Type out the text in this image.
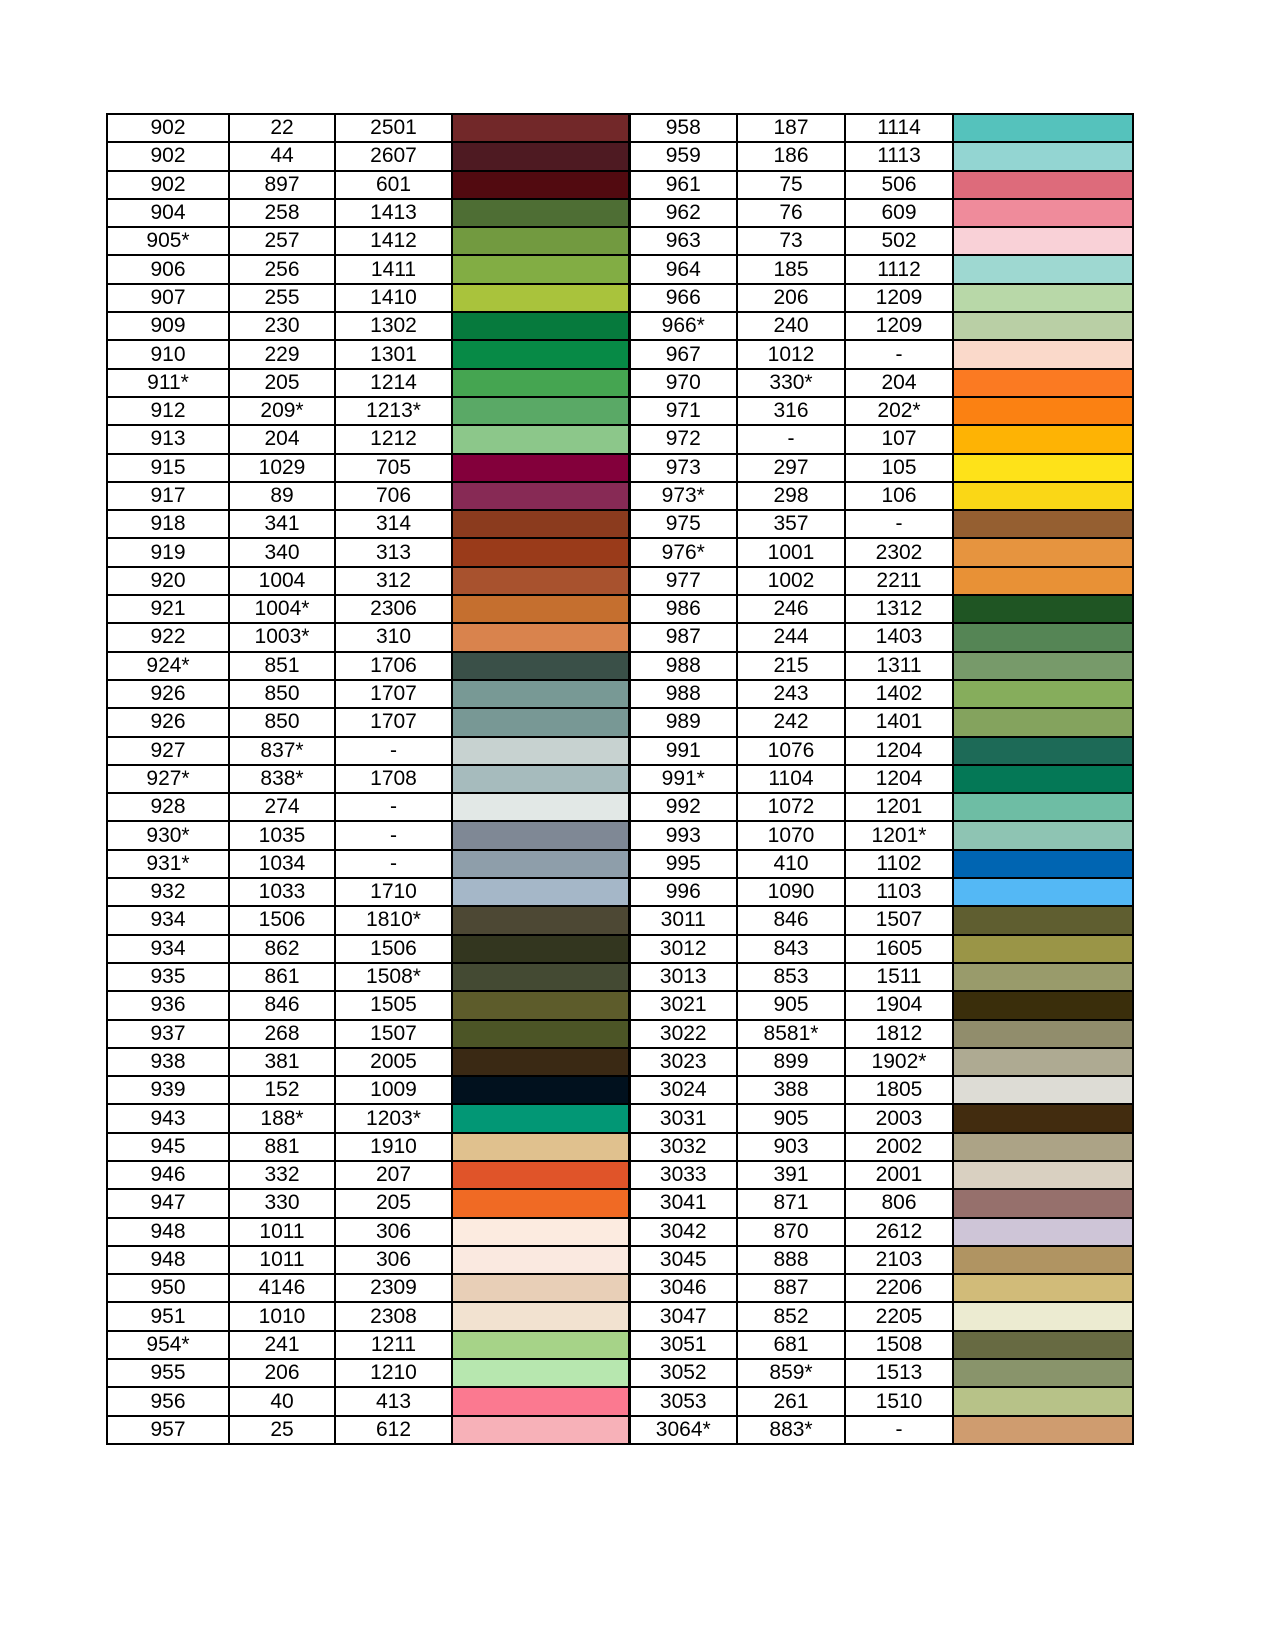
902	22	2501		958	187	1114	
902	44	2607		959	186	1113	
902	897	601		961	75	506	
904	258	1413		962	76	609	
905*	257	1412		963	73	502	
906	256	1411		964	185	1112	
907	255	1410		966	206	1209	
909	230	1302		966*	240	1209	
910	229	1301		967	1012	-	
911*	205	1214		970	330*	204	
912	209*	1213*		971	316	202*	
913	204	1212		972	-	107	
915	1029	705		973	297	105	
917	89	706		973*	298	106	
918	341	314		975	357	-	
919	340	313		976*	1001	2302	
920	1004	312		977	1002	2211	
921	1004*	2306		986	246	1312	
922	1003*	310		987	244	1403	
924*	851	1706		988	215	1311	
926	850	1707		988	243	1402	
926	850	1707		989	242	1401	
927	837*	-		991	1076	1204	
927*	838*	1708		991*	1104	1204	
928	274	-		992	1072	1201	
930*	1035	-		993	1070	1201*	
931*	1034	-		995	410	1102	
932	1033	1710		996	1090	1103	
934	1506	1810*		3011	846	1507	
934	862	1506		3012	843	1605	
935	861	1508*		3013	853	1511	
936	846	1505		3021	905	1904	
937	268	1507		3022	8581*	1812	
938	381	2005		3023	899	1902*	
939	152	1009		3024	388	1805	
943	188*	1203*		3031	905	2003	
945	881	1910		3032	903	2002	
946	332	207		3033	391	2001	
947	330	205		3041	871	806	
948	1011	306		3042	870	2612	
948	1011	306		3045	888	2103	
950	4146	2309		3046	887	2206	
951	1010	2308		3047	852	2205	
954*	241	1211		3051	681	1508	
955	206	1210		3052	859*	1513	
956	40	413		3053	261	1510	
957	25	612		3064*	883*	-	
